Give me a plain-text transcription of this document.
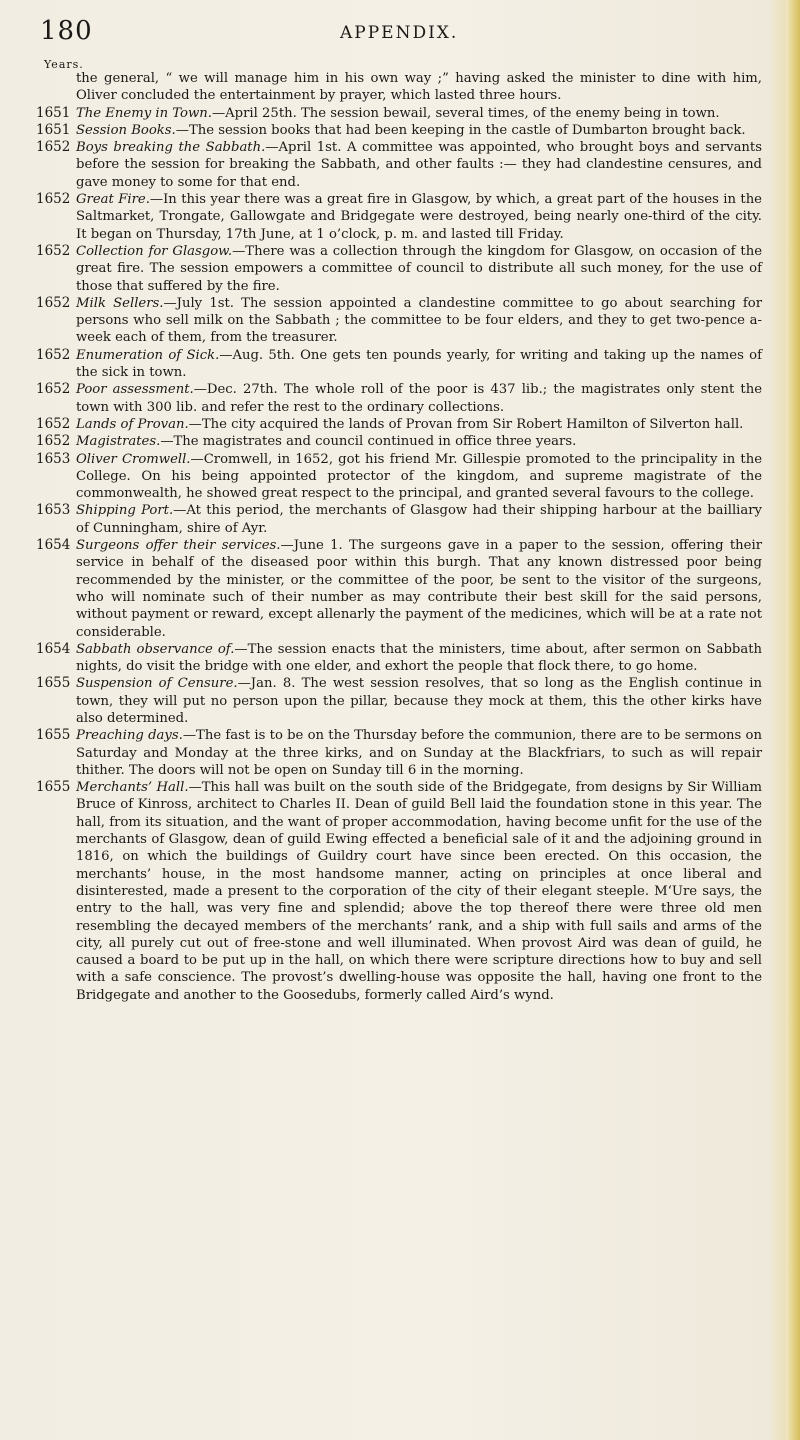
180	APPENDIX.
Years.
the general, “ we will manage him in his own way ;” having asked the minister to dine with him, Oliver concluded the entertainment by prayer, which lasted three hours.
1651 The Enemy in Town.—April 25th. The session bewail, several times, of the enemy being in town.
1651 Session Books.—The session books that had been keeping in the castle of Dumbarton brought back.
1652 Boys breaking the Sabbath.—April 1st. A committee was appointed, who brought boys and servants before the session for breaking the Sabbath, and other faults :— they had clandestine censures, and gave money to some for that end.
1652 Great Fire.—In this year there was a great fire in Glasgow, by which, a great part of the houses in the Saltmarket, Trongate, Gallowgate and Bridgegate were destroyed, being nearly one-third of the city. It began on Thursday, 17th June, at 1 o’clock, p. m. and lasted till Friday.
1652 Collection for Glasgow.—There was a collection through the kingdom for Glasgow, on occasion of the great fire. The session empowers a committee of council to distribute all such money, for the use of those that suffered by the fire.
1652 Milk Sellers.—July 1st. The session appointed a clandestine committee to go about searching for persons who sell milk on the Sabbath ; the committee to be four elders, and they to get two-pence a-week each of them, from the treasurer.
1652 Enumeration of Sick.—Aug. 5th. One gets ten pounds yearly, for writing and taking up the names of the sick in town.
1652 Poor assessment.—Dec. 27th. The whole roll of the poor is 437 lib.; the magistrates only stent the town with 300 lib. and refer the rest to the ordinary collections.
1652 Lands of Provan.—The city acquired the lands of Provan from Sir Robert Hamilton of Silverton hall.
1652 Magistrates.—The magistrates and council continued in office three years.
1653 Oliver Cromwell.—Cromwell, in 1652, got his friend Mr. Gillespie promoted to the principality in the College. On his being appointed protector of the kingdom, and supreme magistrate of the commonwealth, he showed great respect to the principal, and granted several favours to the college.
1653 Shipping Port.—At this period, the merchants of Glasgow had their shipping harbour at the bailliary of Cunningham, shire of Ayr.
1654 Surgeons offer their services.—June 1. The surgeons gave in a paper to the session, offering their service in behalf of the diseased poor within this burgh. That any known distressed poor being recommended by the minister, or the committee of the poor, be sent to the visitor of the surgeons, who will nominate such of their number as may contribute their best skill for the said persons, without payment or reward, except allenarly the payment of the medicines, which will be at a rate not considerable.
1654 Sabbath observance of.—The session enacts that the ministers, time about, after sermon on Sabbath nights, do visit the bridge with one elder, and exhort the people that flock there, to go home.
1655 Suspension of Censure.—Jan. 8. The west session resolves, that so long as the English continue in town, they will put no person upon the pillar, because they mock at them, this the other kirks have also determined.
1655 Preaching days.—The fast is to be on the Thursday before the communion, there are to be sermons on Saturday and Monday at the three kirks, and on Sunday at the Blackfriars, to such as will repair thither. The doors will not be open on Sunday till 6 in the morning.
1655 Merchants’ Hall.—This hall was built on the south side of the Bridgegate, from designs by Sir William Bruce of Kinross, architect to Charles II. Dean of guild Bell laid the foundation stone in this year. The hall, from its situation, and the want of proper accommodation, having become unfit for the use of the merchants of Glasgow, dean of guild Ewing effected a beneficial sale of it and the adjoining ground in 1816, on which the buildings of Guildry court have since been erected. On this occasion, the merchants’ house, in the most handsome manner, acting on principles at once liberal and disinterested, made a present to the corporation of the city of their elegant steeple. M‘Ure says, the entry to the hall, was very fine and splendid; above the top thereof there were three old men resembling the decayed members of the merchants’ rank, and a ship with full sails and arms of the city, all purely cut out of free-stone and well illuminated. When provost Aird was dean of guild, he caused a board to be put up in the hall, on which there were scripture directions how to buy and sell with a safe conscience. The provost’s dwelling-house was opposite the hall, having one front to the Bridgegate and another to the Goosedubs, formerly called Aird’s wynd.
